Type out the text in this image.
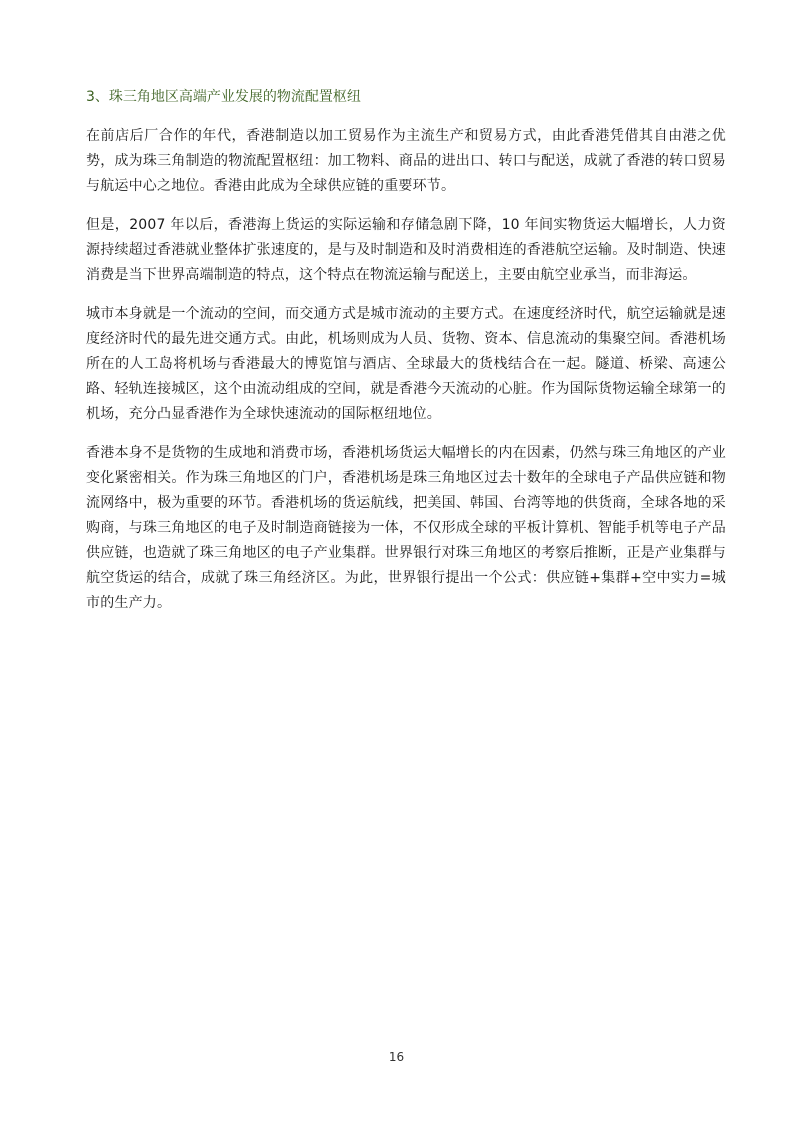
3、珠三角地区高端产业发展的物流配置枢纽

在前店后厂合作的年代，香港制造以加工贸易作为主流生产和贸易方式，由此香港凭借其自由港之优势，成为珠三角制造的物流配置枢纽：加工物料、商品的进出口、转口与配送，成就了香港的转口贸易与航运中心之地位。香港由此成为全球供应链的重要环节。

但是，2007 年以后，香港海上货运的实际运输和存储急剧下降，10 年间实物货运大幅增长，人力资源持续超过香港就业整体扩张速度的，是与及时制造和及时消费相连的香港航空运输。及时制造、快速消费是当下世界高端制造的特点，这个特点在物流运输与配送上，主要由航空业承当，而非海运。

城市本身就是一个流动的空间，而交通方式是城市流动的主要方式。在速度经济时代，航空运输就是速度经济时代的最先进交通方式。由此，机场则成为人员、货物、资本、信息流动的集聚空间。香港机场所在的人工岛将机场与香港最大的博览馆与酒店、全球最大的货栈结合在一起。隧道、桥梁、高速公路、轻轨连接城区，这个由流动组成的空间，就是香港今天流动的心脏。作为国际货物运输全球第一的机场，充分凸显香港作为全球快速流动的国际枢纽地位。

香港本身不是货物的生成地和消费市场，香港机场货运大幅增长的内在因素，仍然与珠三角地区的产业变化紧密相关。作为珠三角地区的门户，香港机场是珠三角地区过去十数年的全球电子产品供应链和物流网络中，极为重要的环节。香港机场的货运航线，把美国、韩国、台湾等地的供货商，全球各地的采购商，与珠三角地区的电子及时制造商链接为一体，不仅形成全球的平板计算机、智能手机等电子产品供应链，也造就了珠三角地区的电子产业集群。世界银行对珠三角地区的考察后推断，正是产业集群与航空货运的结合，成就了珠三角经济区。为此，世界银行提出一个公式：供应链+集群+空中实力=城市的生产力。

16
